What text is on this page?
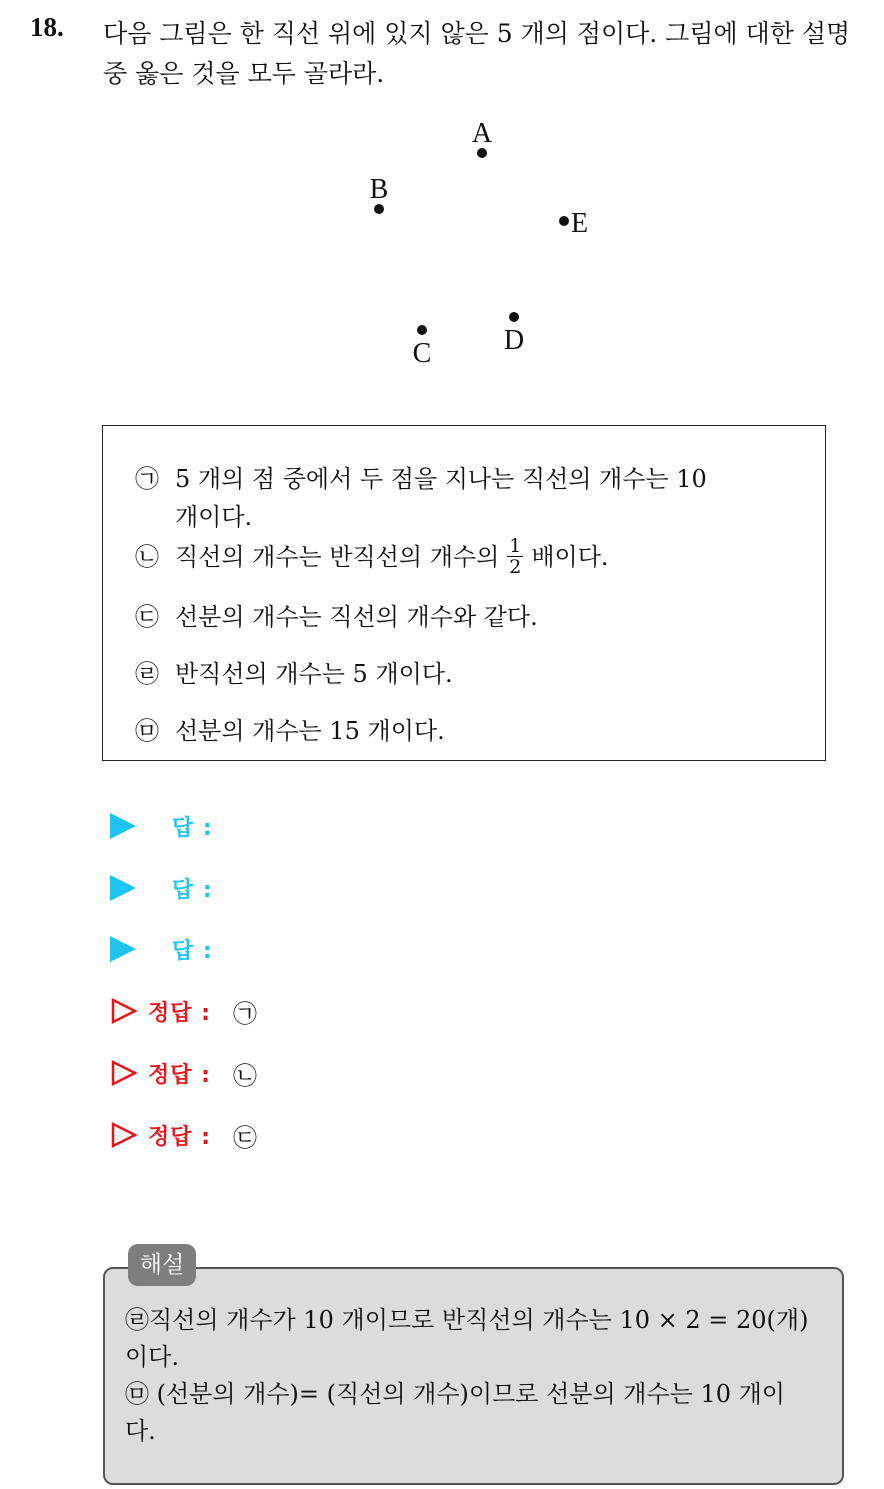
18. 다음 그림은 한 직선 위에 있지 않은 5 개의 점이다. 그림에 대한 설명
중 옳은 것을 모두 골라라.
A
B
E
C	D
㉠ 5 개의 점 중에서 두 점을 지나는 직선의 개수는 10
개이다.
㉡ 직선의 개수는 반직선의 개수의 $\frac{1}{2}$ 배이다.
㉢ 선분의 개수는 직선의 개수와 같다.
㉣ 반직선의 개수는 5 개이다.
㉤ 선분의 개수는 15 개이다.
답 :
답 :
답 :
정답 : ㉠
정답 : ㉡
정답 : ㉢
해설
㉣직선의 개수가 10 개이므로 반직선의 개수는 10 × 2 = 20(개)
이다.
㉤ (선분의 개수)= (직선의 개수)이므로 선분의 개수는 10 개이
다.
